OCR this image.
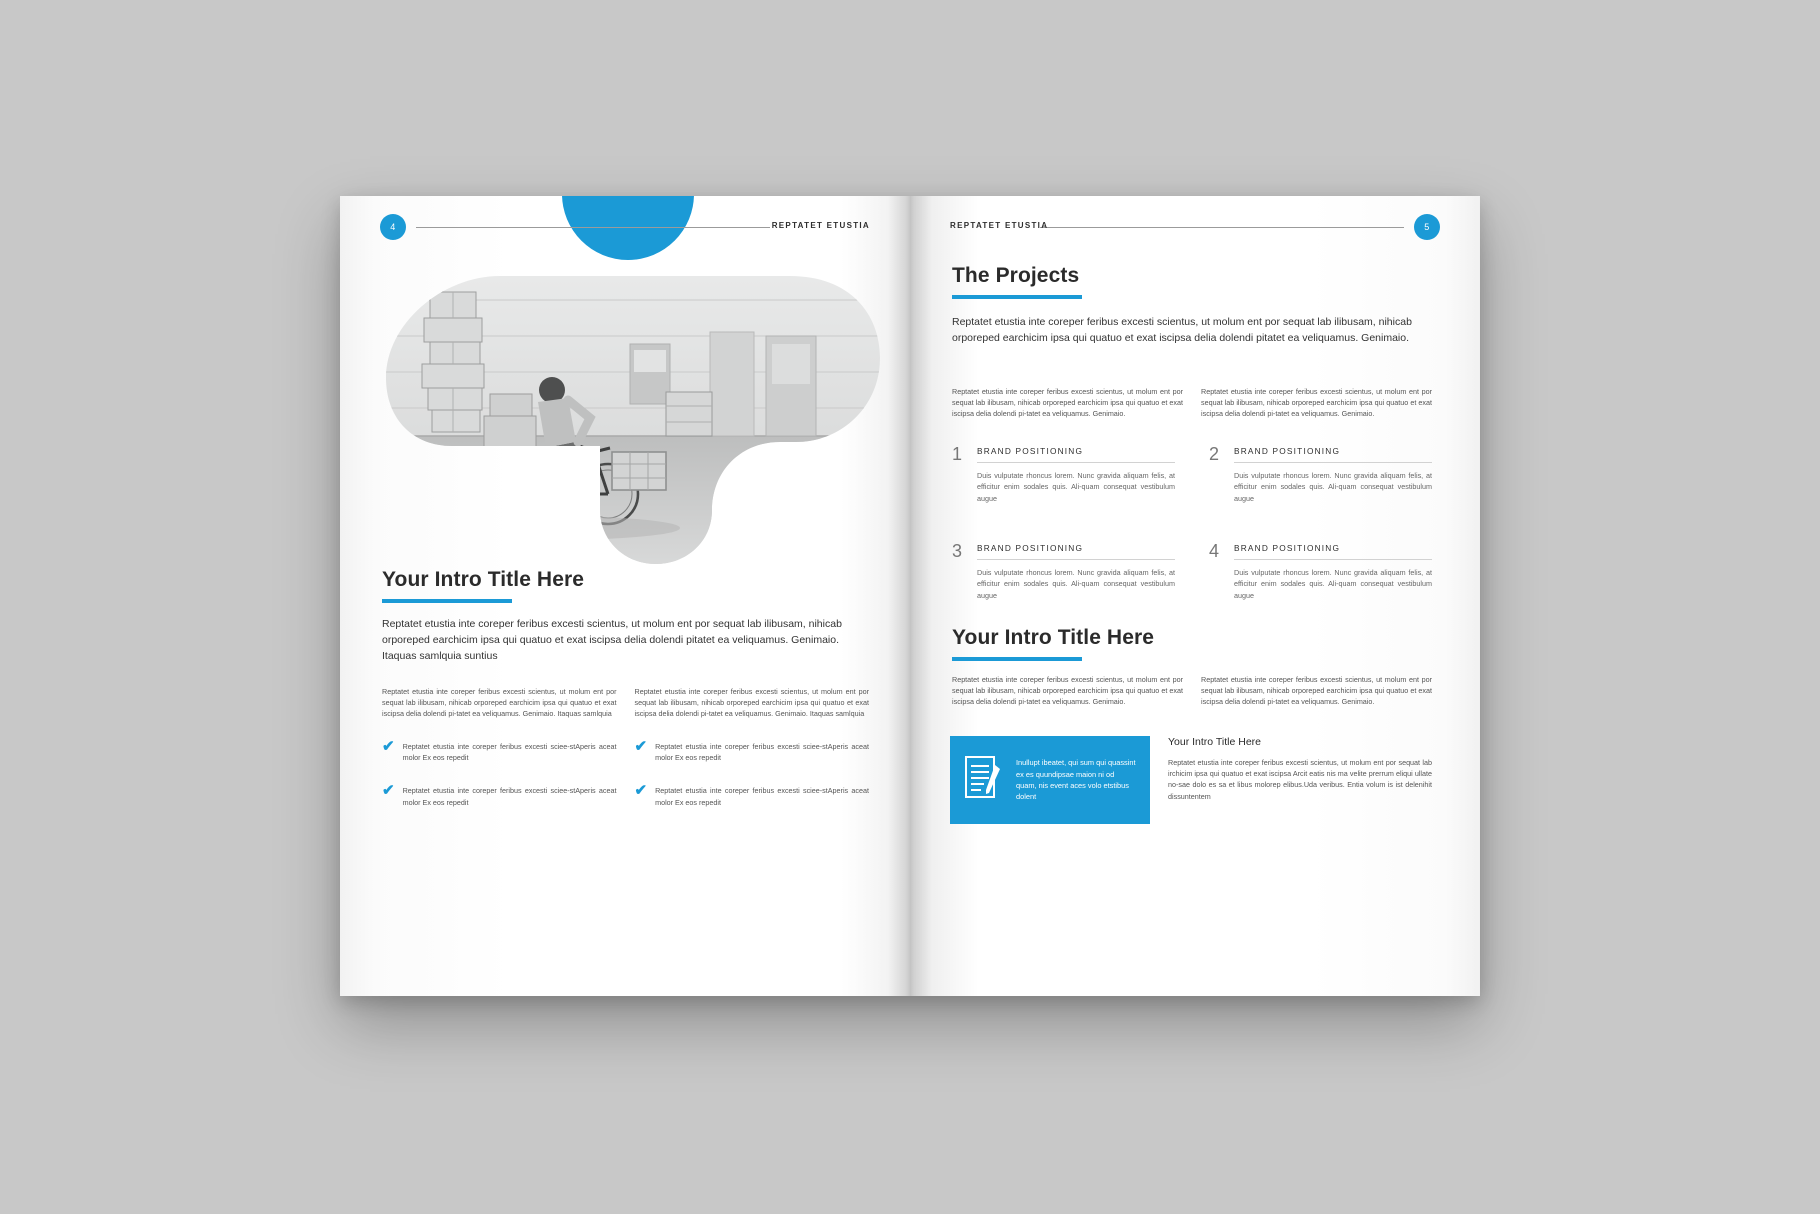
4	REPTATET ETUSTIA
Your Intro Title Here

Reptatet etustia inte coreper feribus excesti scientus, ut molum ent por sequat lab ilibusam, nihicab orporeped earchicim ipsa qui quatuo et exat iscipsa delia dolendi pitatet ea veliquamus. Genimaio. Itaquas samlquia suntius

Reptatet etustia inte coreper feribus excesti scientus, ut molum ent por sequat lab ilibusam, nihicab orporeped earchicim ipsa qui quatuo et exat iscipsa delia dolendi pi-tatet ea veliquamus. Genimaio. Itaquas samlquia

Reptatet etustia inte coreper feribus excesti scientus, ut molum ent por sequat lab ilibusam, nihicab orporeped earchicim ipsa qui quatuo et exat iscipsa delia dolendi pi-tatet ea veliquamus. Genimaio. Itaquas samlquia

✔ Reptatet etustia inte coreper feribus excesti sciee-stAperis aceat molor Ex eos repedit
✔ Reptatet etustia inte coreper feribus excesti sciee-stAperis aceat molor Ex eos repedit
✔ Reptatet etustia inte coreper feribus excesti sciee-stAperis aceat molor Ex eos repedit
✔ Reptatet etustia inte coreper feribus excesti sciee-stAperis aceat molor Ex eos repedit
5
REPTATET ETUSTIA
The Projects

Reptatet etustia inte coreper feribus excesti scientus, ut molum ent por sequat lab ilibusam, nihicab orporeped earchicim ipsa qui quatuo et exat iscipsa delia dolendi pitatet ea veliquamus. Genimaio.

Reptatet etustia inte coreper feribus excesti scientus, ut molum ent por sequat lab ilibusam, nihicab orporeped earchicim ipsa qui quatuo et exat iscipsa delia dolendi pi-tatet ea veliquamus. Genimaio.

Reptatet etustia inte coreper feribus excesti scientus, ut molum ent por sequat lab ilibusam, nihicab orporeped earchicim ipsa qui quatuo et exat iscipsa delia dolendi pi-tatet ea veliquamus. Genimaio.

1	BRAND POSITIONING

Duis vulputate rhoncus lorem. Nunc gravida aliquam felis, at efficitur enim sodales quis. Ali-quam consequat vestibulum augue

2	BRAND POSITIONING

Duis vulputate rhoncus lorem. Nunc gravida aliquam felis, at efficitur enim sodales quis. Ali-quam consequat vestibulum augue

3	BRAND POSITIONING

Duis vulputate rhoncus lorem. Nunc gravida aliquam felis, at efficitur enim sodales quis. Ali-quam consequat vestibulum augue

4	BRAND POSITIONING

Duis vulputate rhoncus lorem. Nunc gravida aliquam felis, at efficitur enim sodales quis. Ali-quam consequat vestibulum augue

Your Intro Title Here

Reptatet etustia inte coreper feribus excesti scientus, ut molum ent por sequat lab ilibusam, nihicab orporeped earchicim ipsa qui quatuo et exat iscipsa delia dolendi pi-tatet ea veliquamus. Genimaio.

Reptatet etustia inte coreper feribus excesti scientus, ut molum ent por sequat lab ilibusam, nihicab orporeped earchicim ipsa qui quatuo et exat iscipsa delia dolendi pi-tatet ea veliquamus. Genimaio.

Inullupt ibeatet, qui sum qui quassint ex es quundipsae maion ni od quam, nis event aces volo etstibus dolent
Your Intro Title Here

Reptatet etustia inte coreper feribus excesti scientus, ut molum ent por sequat lab irchicim ipsa qui quatuo et exat iscipsa Arcit eatis nis ma velite prerrum eliqui ullate no-sae dolo es sa et libus molorep elibus.Uda veribus. Entia volum is ist delenihit dissuntentem
